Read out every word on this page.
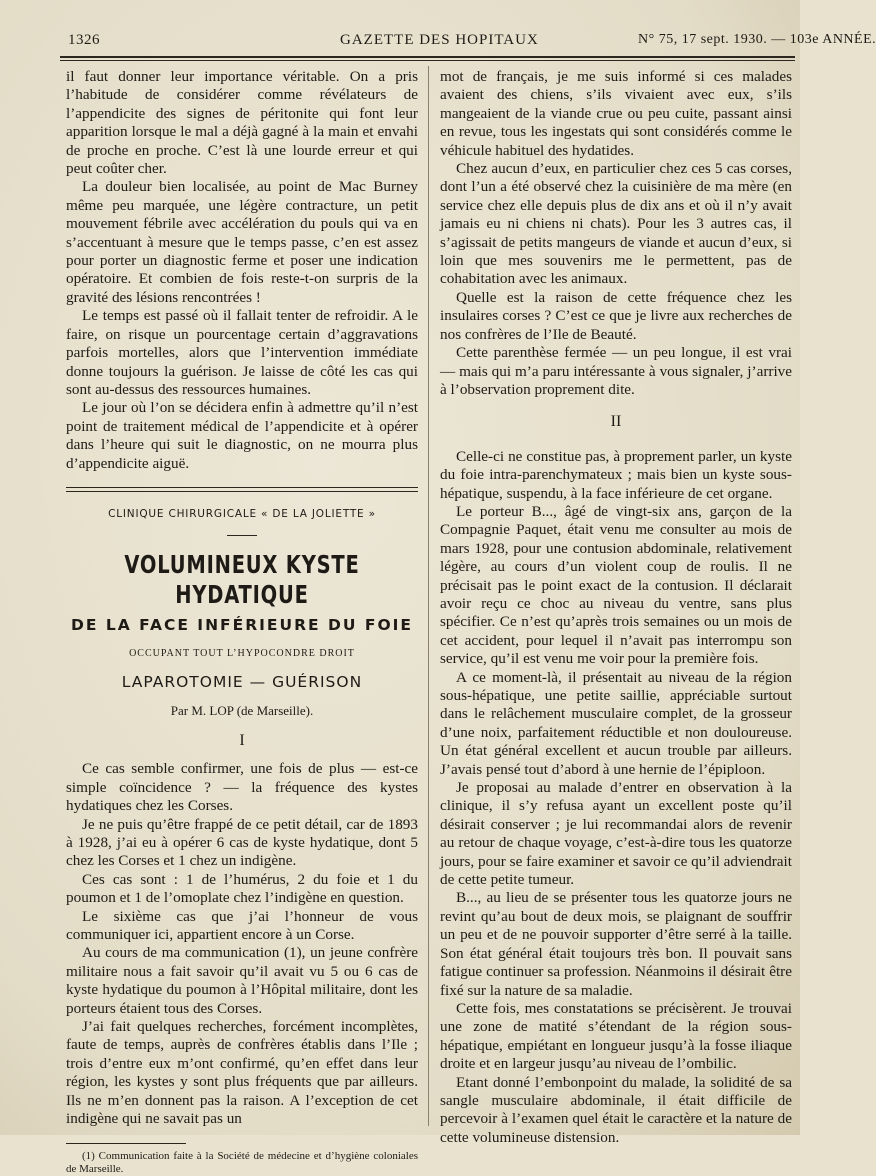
1326	GAZETTE DES HOPITAUX	N° 75, 17 sept. 1930. — 103e ANNÉE.

il faut donner leur importance véritable. On a pris l’habitude de considérer comme révélateurs de l’appendicite des signes de péritonite qui font leur apparition lorsque le mal a déjà gagné à la main et envahi de proche en proche. C’est là une lourde erreur et qui peut coûter cher.

La douleur bien localisée, au point de Mac Burney même peu marquée, une légère contracture, un petit mouvement fébrile avec accélération du pouls qui va en s’accentuant à mesure que le temps passe, c’en est assez pour porter un diagnostic ferme et poser une indication opératoire. Et combien de fois reste-t-on surpris de la gravité des lésions rencontrées !

Le temps est passé où il fallait tenter de refroidir. A le faire, on risque un pourcentage certain d’aggravations parfois mortelles, alors que l’intervention immédiate donne toujours la guérison. Je laisse de côté les cas qui sont au-dessus des ressources humaines.

Le jour où l’on se décidera enfin à admettre qu’il n’est point de traitement médical de l’appendicite et à opérer dans l’heure qui suit le diagnostic, on ne mourra plus d’appendicite aiguë.

CLINIQUE CHIRURGICALE « DE LA JOLIETTE »
VOLUMINEUX KYSTE HYDATIQUE
DE LA FACE INFÉRIEURE DU FOIE
OCCUPANT TOUT L’HYPOCONDRE DROIT
LAPAROTOMIE — GUÉRISON
Par M. LOP (de Marseille).
I

Ce cas semble confirmer, une fois de plus — est-ce simple coïncidence ? — la fréquence des kystes hydatiques chez les Corses.

Je ne puis qu’être frappé de ce petit détail, car de 1893 à 1928, j’ai eu à opérer 6 cas de kyste hydatique, dont 5 chez les Corses et 1 chez un indigène.

Ces cas sont : 1 de l’humérus, 2 du foie et 1 du poumon et 1 de l’omoplate chez l’indigène en question.

Le sixième cas que j’ai l’honneur de vous communiquer ici, appartient encore à un Corse.

Au cours de ma communication (1), un jeune confrère militaire nous a fait savoir qu’il avait vu 5 ou 6 cas de kyste hydatique du poumon à l’Hôpital militaire, dont les porteurs étaient tous des Corses.

J’ai fait quelques recherches, forcément incomplètes, faute de temps, auprès de confrères établis dans l’Ile ; trois d’entre eux m’ont confirmé, qu’en effet dans leur région, les kystes y sont plus fréquents que par ailleurs. Ils ne m’en donnent pas la raison. A l’exception de cet indigène qui ne savait pas un

(1) Communication faite à la Société de médecine et d’hygiène coloniales de Marseille.

mot de français, je me suis informé si ces malades avaient des chiens, s’ils vivaient avec eux, s’ils mangeaient de la viande crue ou peu cuite, passant ainsi en revue, tous les ingestats qui sont considérés comme le véhicule habituel des hydatides.

Chez aucun d’eux, en particulier chez ces 5 cas corses, dont l’un a été observé chez la cuisinière de ma mère (en service chez elle depuis plus de dix ans et où il n’y avait jamais eu ni chiens ni chats). Pour les 3 autres cas, il s’agissait de petits mangeurs de viande et aucun d’eux, si loin que mes souvenirs me le permettent, pas de cohabitation avec les animaux.

Quelle est la raison de cette fréquence chez les insulaires corses ? C’est ce que je livre aux recherches de nos confrères de l’Ile de Beauté.

Cette parenthèse fermée — un peu longue, il est vrai — mais qui m’a paru intéressante à vous signaler, j’arrive à l’observation proprement dite.

II

Celle-ci ne constitue pas, à proprement parler, un kyste du foie intra-parenchymateux ; mais bien un kyste sous-hépatique, suspendu, à la face inférieure de cet organe.

Le porteur B..., âgé de vingt-six ans, garçon de la Compagnie Paquet, était venu me consulter au mois de mars 1928, pour une contusion abdominale, relativement légère, au cours d’un violent coup de roulis. Il ne précisait pas le point exact de la contusion. Il déclarait avoir reçu ce choc au niveau du ventre, sans plus spécifier. Ce n’est qu’après trois semaines ou un mois de cet accident, pour lequel il n’avait pas interrompu son service, qu’il est venu me voir pour la première fois.

A ce moment-là, il présentait au niveau de la région sous-hépatique, une petite saillie, appréciable surtout dans le relâchement musculaire complet, de la grosseur d’une noix, parfaitement réductible et non douloureuse. Un état général excellent et aucun trouble par ailleurs. J’avais pensé tout d’abord à une hernie de l’épiploon.

Je proposai au malade d’entrer en observation à la clinique, il s’y refusa ayant un excellent poste qu’il désirait conserver ; je lui recommandai alors de revenir au retour de chaque voyage, c’est-à-dire tous les quatorze jours, pour se faire examiner et savoir ce qu’il adviendrait de cette petite tumeur.

B..., au lieu de se présenter tous les quatorze jours ne revint qu’au bout de deux mois, se plaignant de souffrir un peu et de ne pouvoir supporter d’être serré à la taille. Son état général était toujours très bon. Il pouvait sans fatigue continuer sa profession. Néanmoins il désirait être fixé sur la nature de sa maladie.

Cette fois, mes constatations se précisèrent. Je trouvai une zone de matité s’étendant de la région sous-hépatique, empiétant en longueur jusqu’à la fosse iliaque droite et en largeur jusqu’au niveau de l’ombilic.

Etant donné l’embonpoint du malade, la solidité de sa sangle musculaire abdominale, il était difficile de percevoir à l’examen quel était le caractère et la nature de cette volumineuse distension.
